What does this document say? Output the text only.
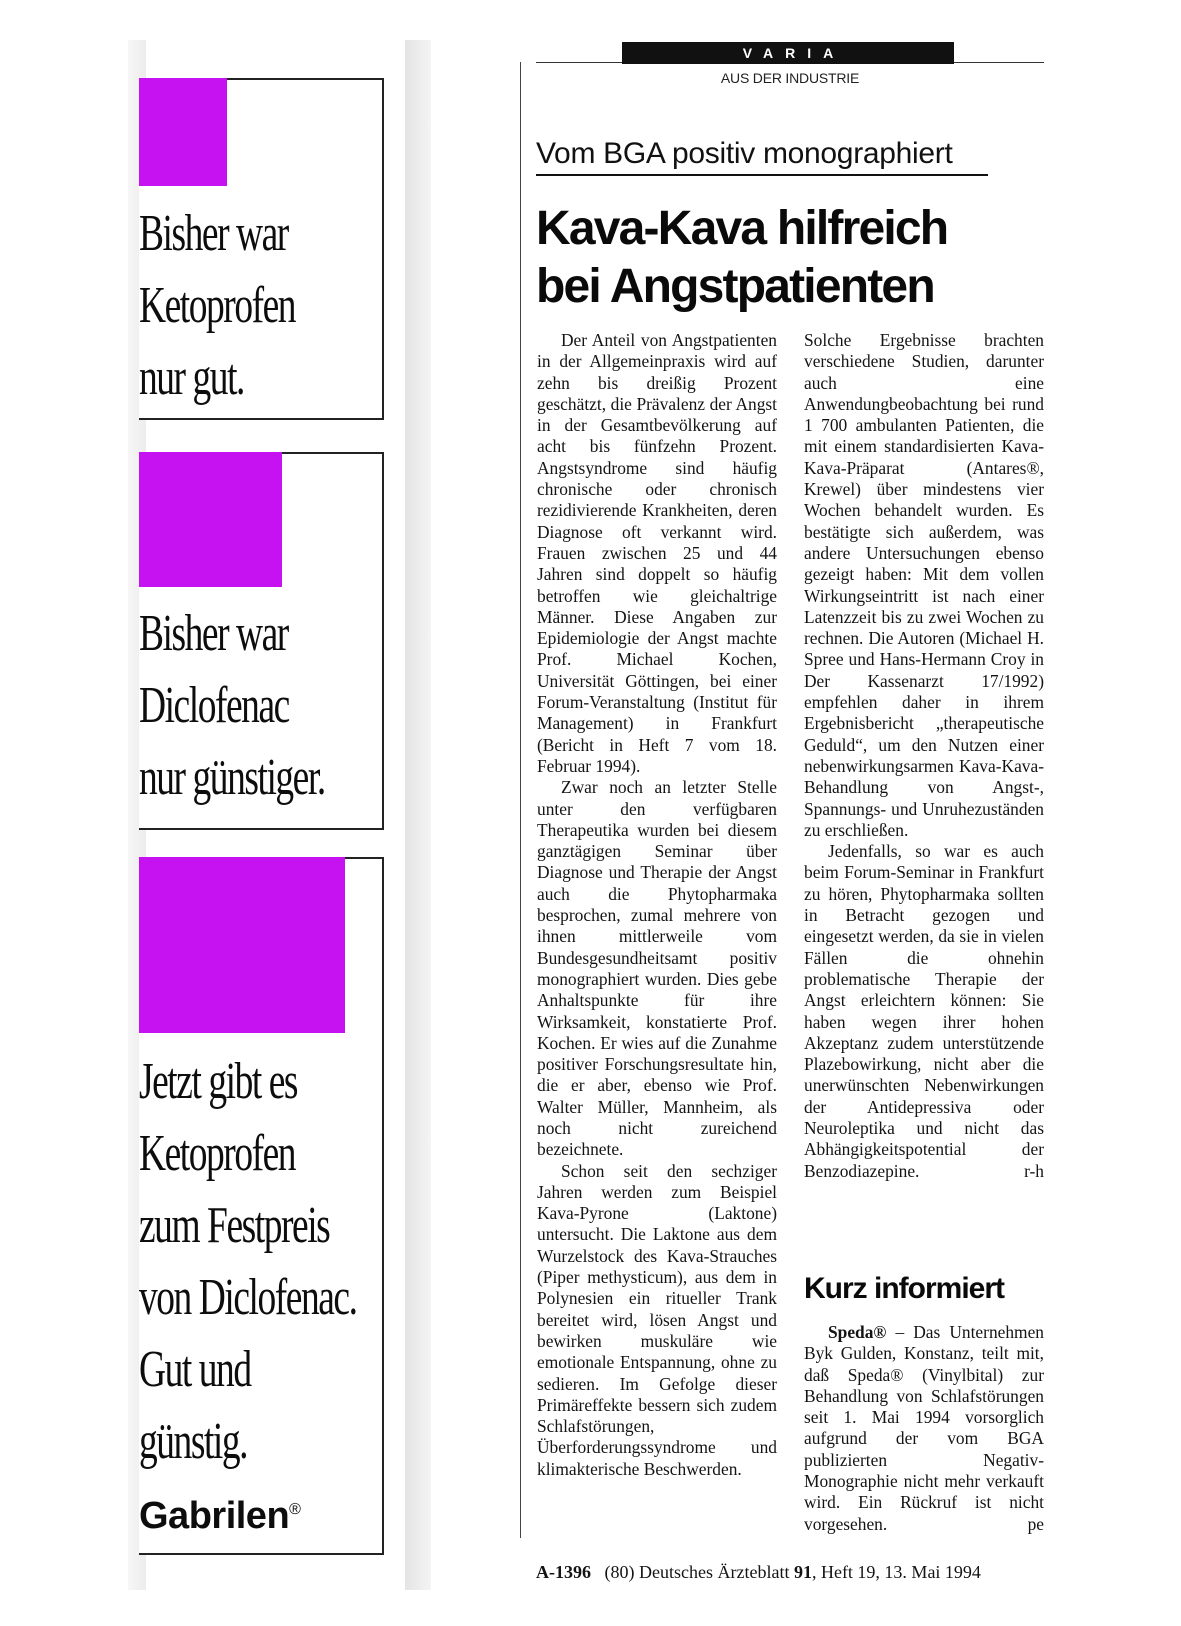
Bisher war
Ketoprofen
nur gut.
Bisher war
Diclofenac
nur günstiger.
Jetzt gibt es
Ketoprofen
zum Festpreis
von Diclofenac.
Gut und
günstig.
Gabrilen®
VARIA
AUS DER INDUSTRIE
Vom BGA positiv monographiert
Kava-Kava hilfreich
bei Angstpatienten

Der Anteil von Angstpatienten in der Allgemeinpraxis wird auf zehn bis dreißig Prozent geschätzt, die Prävalenz der Angst in der Gesamtbevölkerung auf acht bis fünfzehn Prozent. Angstsyndrome sind häufig chronische oder chronisch rezidivierende Krankheiten, deren Diagnose oft verkannt wird. Frauen zwischen 25 und 44 Jahren sind doppelt so häufig betroffen wie gleichaltrige Männer. Diese Angaben zur Epidemiologie der Angst machte Prof. Michael Kochen, Universität Göttingen, bei einer Forum-Veranstaltung (Institut für Management) in Frankfurt (Bericht in Heft 7 vom 18. Februar 1994).

Zwar noch an letzter Stelle unter den verfügbaren Therapeutika wurden bei diesem ganztägigen Seminar über Diagnose und Therapie der Angst auch die Phytopharmaka besprochen, zumal mehrere von ihnen mittlerweile vom Bundesgesundheitsamt positiv monographiert wurden. Dies gebe Anhaltspunkte für ihre Wirksamkeit, konstatierte Prof. Kochen. Er wies auf die Zunahme positiver Forschungsresultate hin, die er aber, ebenso wie Prof. Walter Müller, Mannheim, als noch nicht zureichend bezeichnete.

Schon seit den sechziger Jahren werden zum Beispiel Kava-Pyrone (Laktone) untersucht. Die Laktone aus dem Wurzelstock des Kava-Strauches (Piper methysticum), aus dem in Polynesien ein ritueller Trank bereitet wird, lösen Angst und bewirken muskuläre wie emotionale Entspannung, ohne zu sedieren. Im Gefolge dieser Primäreffekte bessern sich zudem Schlafstörungen, Überforderungssyndrome und klimakterische Beschwerden.

Solche Ergebnisse brachten verschiedene Studien, darunter auch eine Anwendungbeobachtung bei rund 1 700 ambulanten Patienten, die mit einem standardisierten Kava-Kava-Präparat (Antares®, Krewel) über mindestens vier Wochen behandelt wurden. Es bestätigte sich außerdem, was andere Untersuchungen ebenso gezeigt haben: Mit dem vollen Wirkungseintritt ist nach einer Latenzzeit bis zu zwei Wochen zu rechnen. Die Autoren (Michael H. Spree und Hans-Hermann Croy in Der Kassenarzt 17/1992) empfehlen daher in ihrem Ergebnisbericht „therapeutische Geduld“, um den Nutzen einer nebenwirkungsarmen Kava-Kava-Behandlung von Angst-, Spannungs- und Unruhezuständen zu erschließen.

Jedenfalls, so war es auch beim Forum-Seminar in Frankfurt zu hören, Phytopharmaka sollten in Betracht gezogen und eingesetzt werden, da sie in vielen Fällen die ohnehin problematische Therapie der Angst erleichtern können: Sie haben wegen ihrer hohen Akzeptanz zudem unterstützende Plazebowirkung, nicht aber die unerwünschten Nebenwirkungen der Antidepressiva oder Neuroleptika und nicht das Abhängigkeitspotential der Benzodiazepine.	r-h

Kurz informiert

Speda® – Das Unternehmen Byk Gulden, Konstanz, teilt mit, daß Speda® (Vinylbital) zur Behandlung von Schlafstörungen seit 1. Mai 1994 vorsorglich aufgrund der vom BGA publizierten Negativ-Monographie nicht mehr verkauft wird. Ein Rückruf ist nicht vorgesehen.	pe

A-1396 (80) Deutsches Ärzteblatt 91, Heft 19, 13. Mai 1994
